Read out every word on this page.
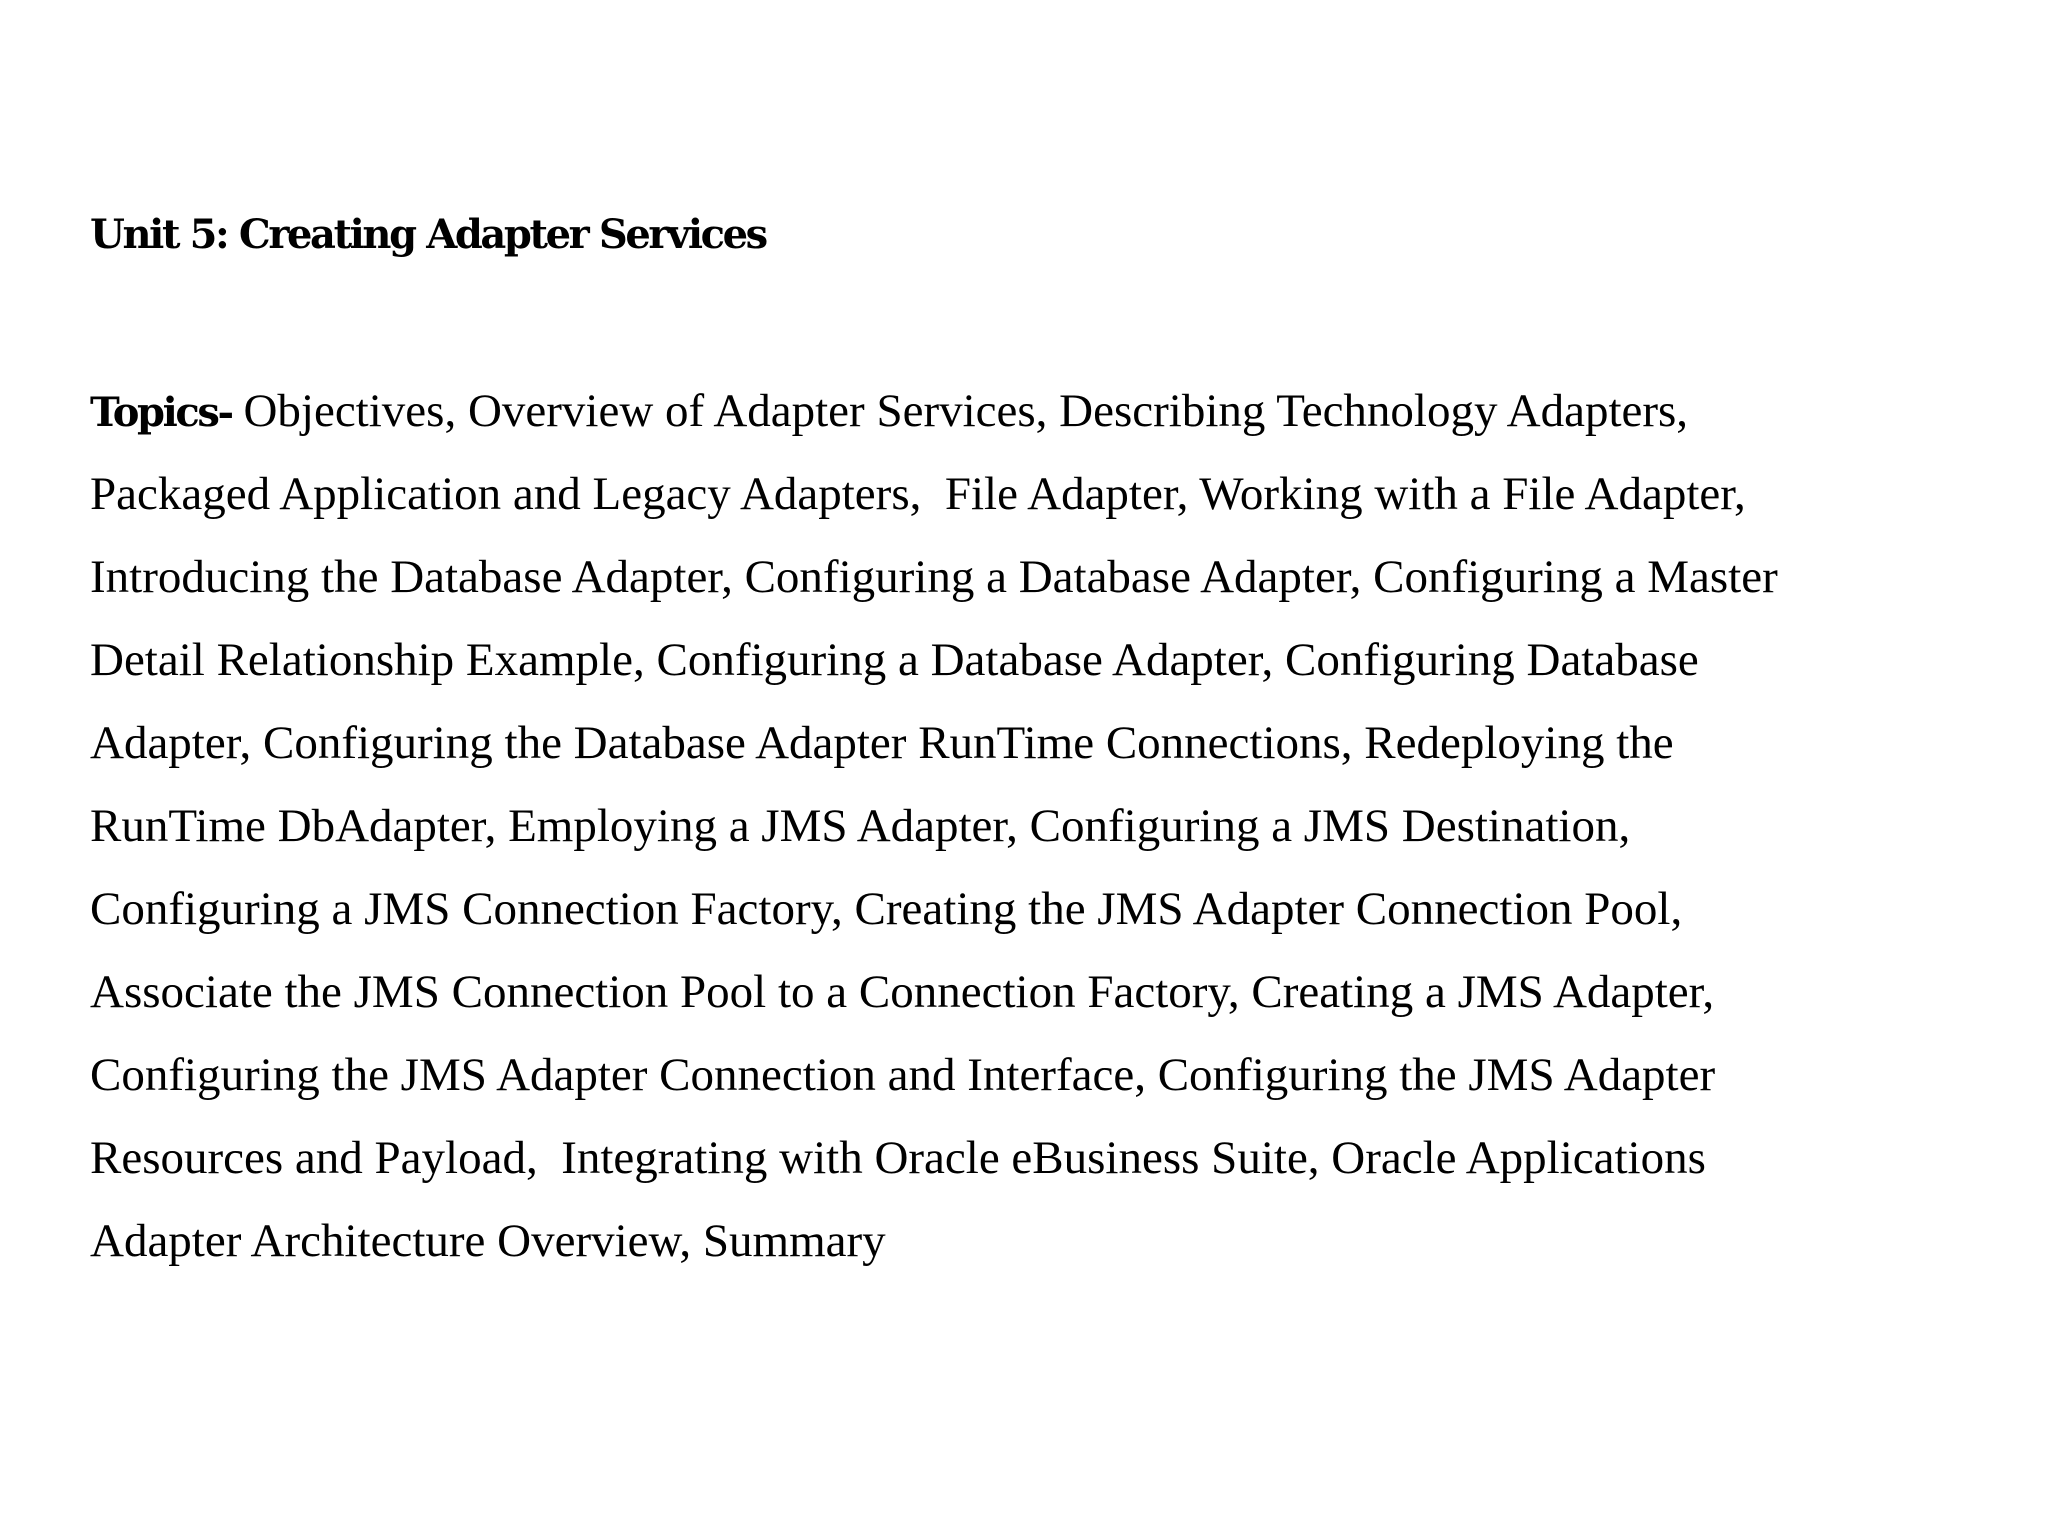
Unit 5: Creating Adapter Services
Topics- Objectives, Overview of Adapter Services, Describing Technology Adapters,
Packaged Application and Legacy Adapters,  File Adapter, Working with a File Adapter,
Introducing the Database Adapter, Configuring a Database Adapter, Configuring a Master
Detail Relationship Example, Configuring a Database Adapter, Configuring Database
Adapter, Configuring the Database Adapter RunTime Connections, Redeploying the
RunTime DbAdapter, Employing a JMS Adapter, Configuring a JMS Destination,
Configuring a JMS Connection Factory, Creating the JMS Adapter Connection Pool,
Associate the JMS Connection Pool to a Connection Factory, Creating a JMS Adapter,
Configuring the JMS Adapter Connection and Interface, Configuring the JMS Adapter
Resources and Payload,  Integrating with Oracle eBusiness Suite, Oracle Applications
Adapter Architecture Overview, Summary
